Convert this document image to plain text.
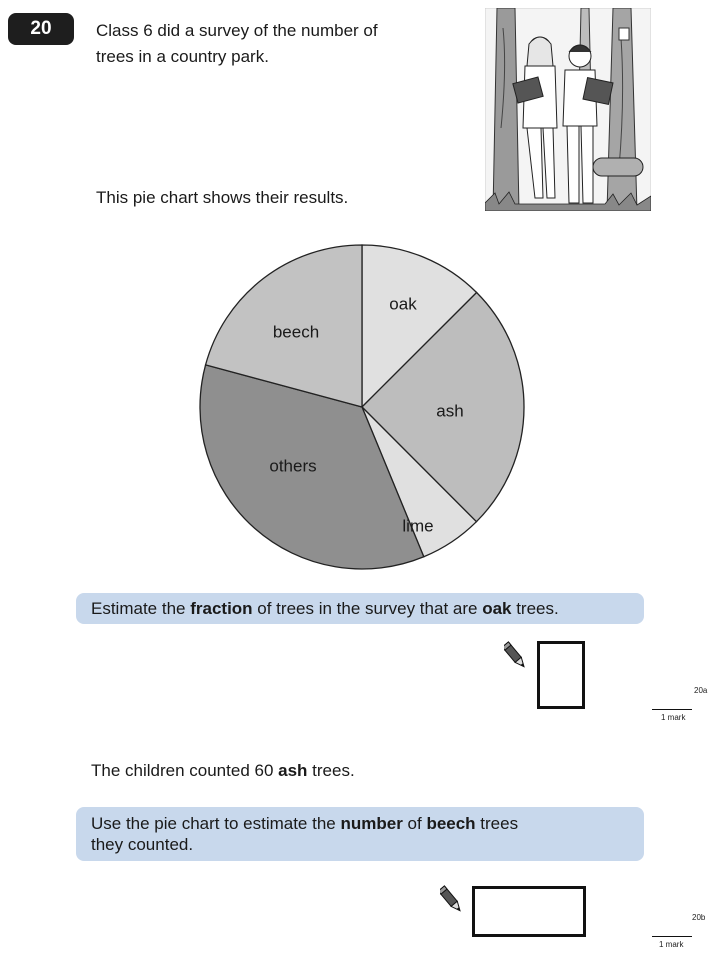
20	Class 6 did a survey of the number of
trees in a country park.
This pie chart shows their results.
oak
ash
lime
others
beech
Estimate the fraction of trees in the survey that are oak trees.
20a
1 mark
The children counted 60 ash trees.
Use the pie chart to estimate the number of beech trees
they counted.
20b
1 mark
